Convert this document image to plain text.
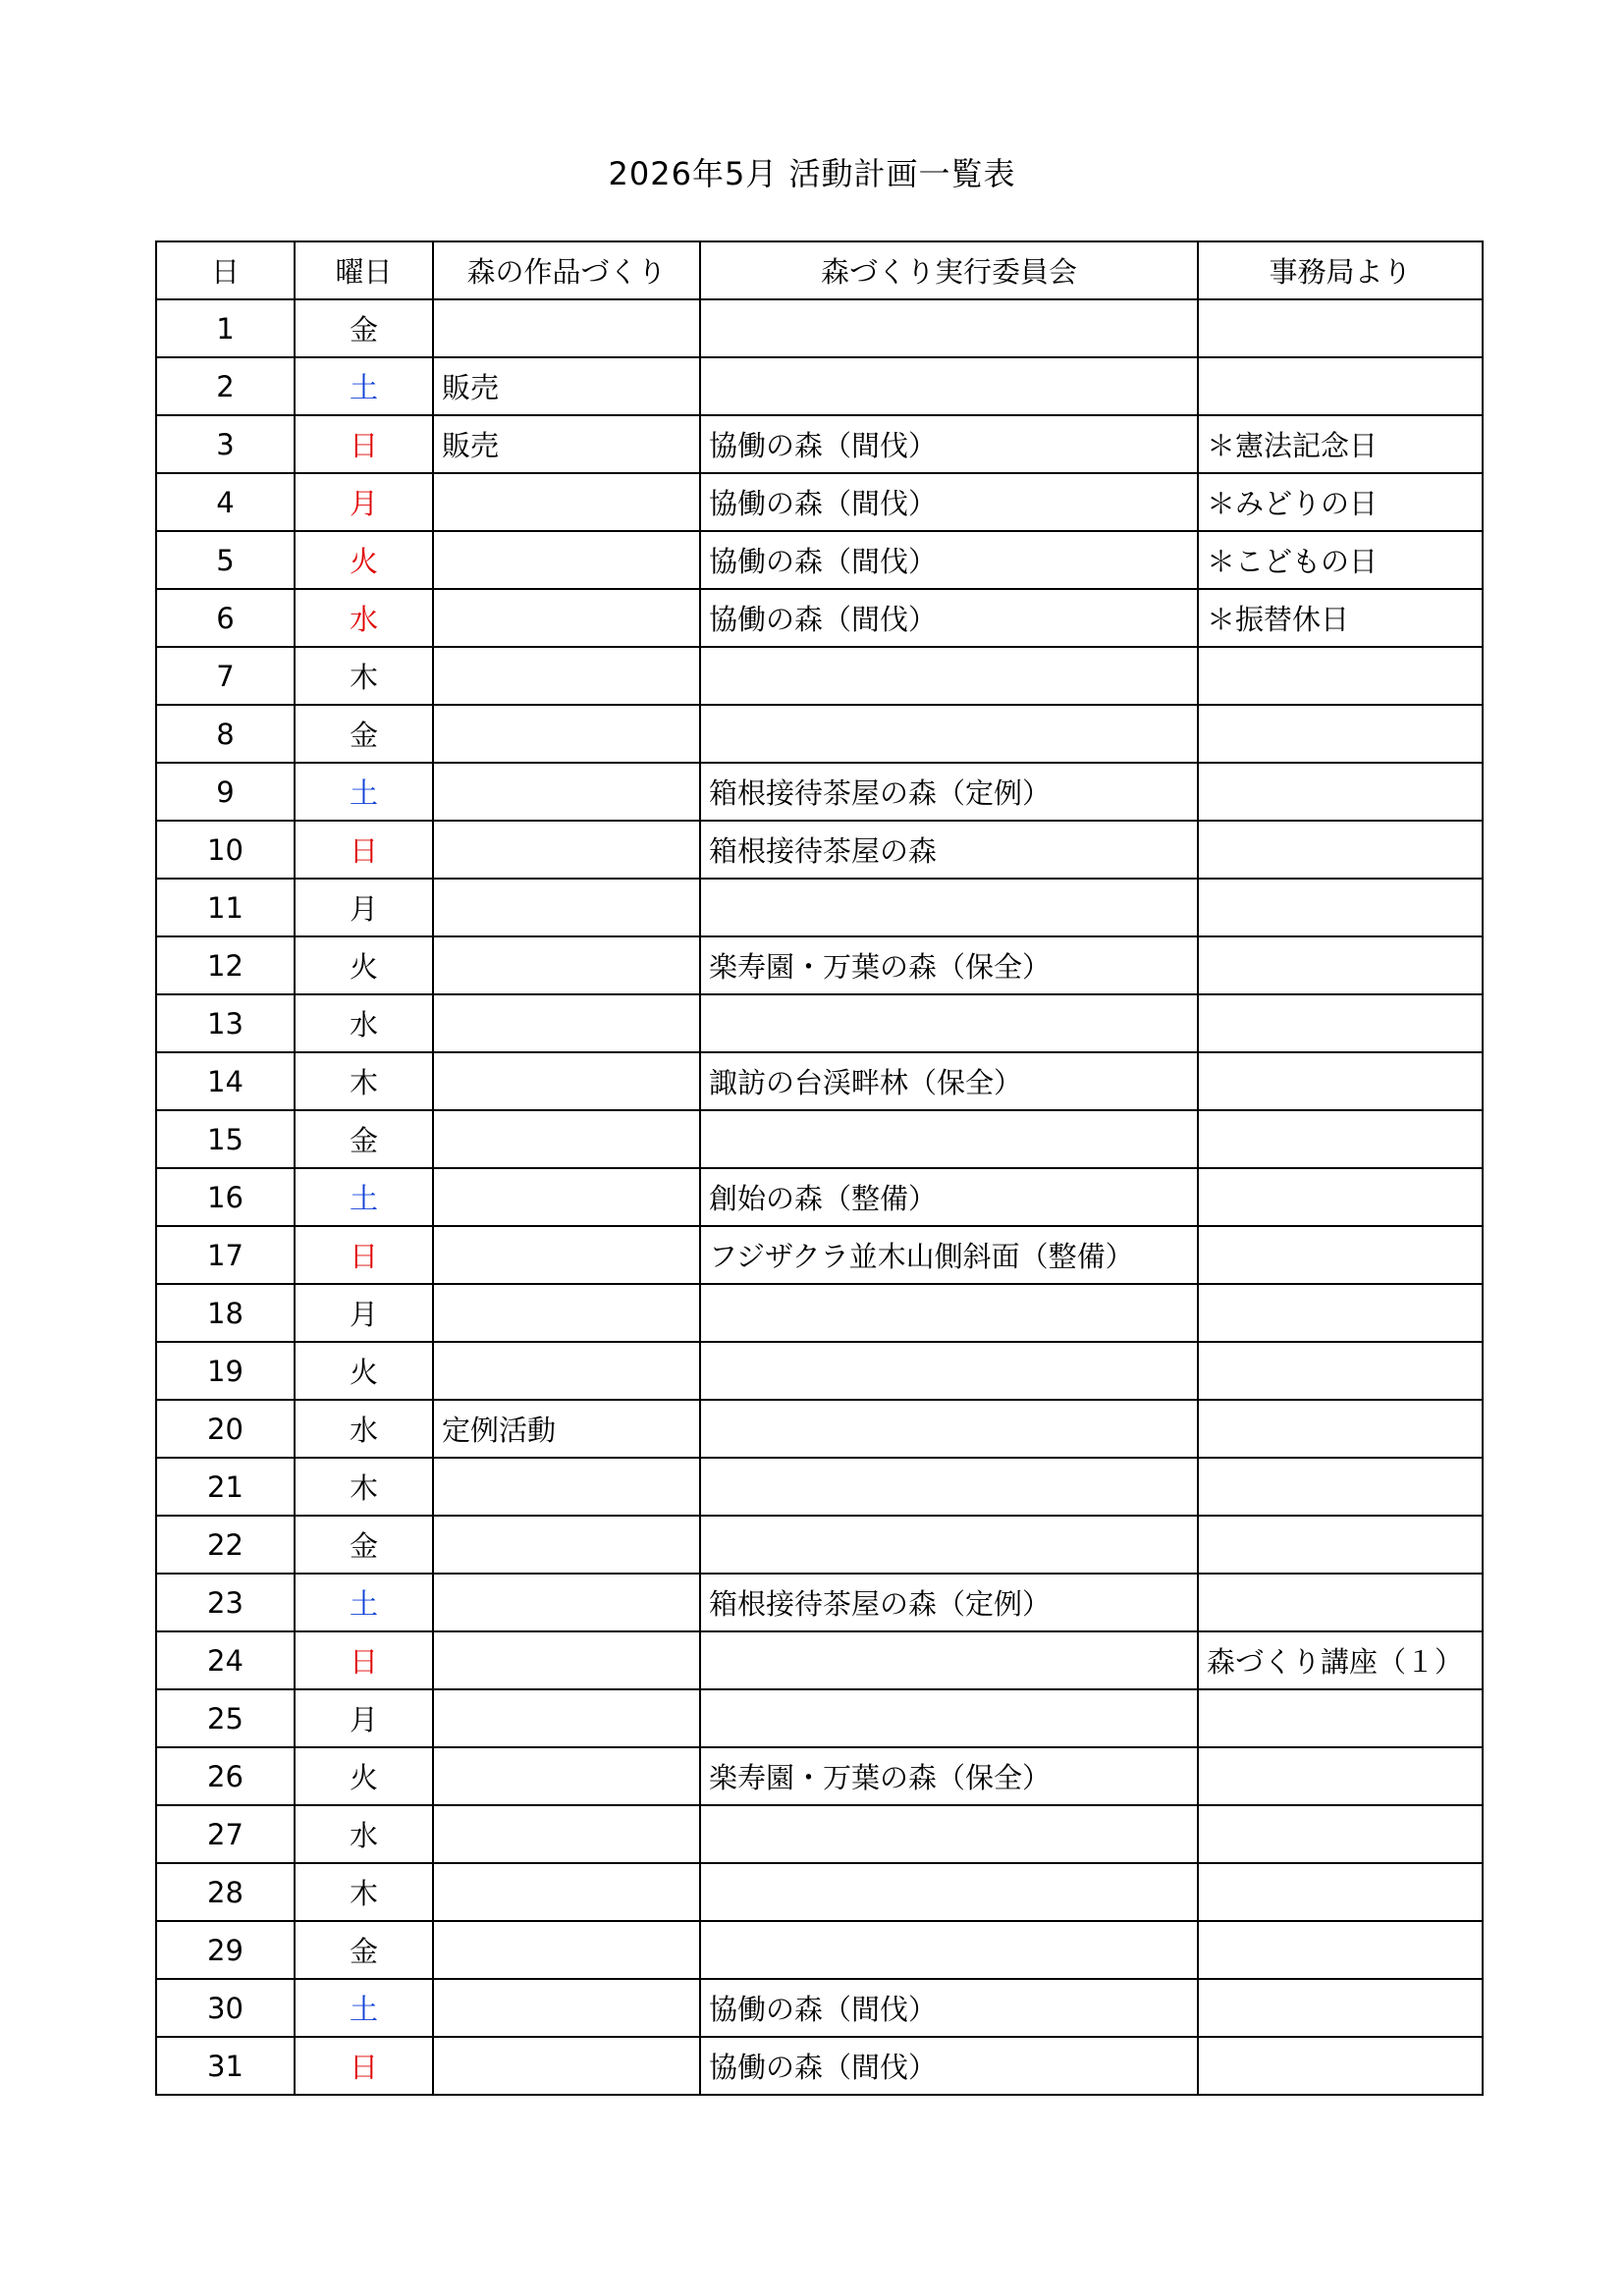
2026年5月 活動計画一覧表
日	曜日	森の作品づくり	森づくり実行委員会	事務局より
1	金			
2	土	販売		
3	日	販売	協働の森（間伐）	＊憲法記念日
4	月		協働の森（間伐）	＊みどりの日
5	火		協働の森（間伐）	＊こどもの日
6	水		協働の森（間伐）	＊振替休日
7	木			
8	金			
9	土		箱根接待茶屋の森（定例）	
10	日		箱根接待茶屋の森	
11	月			
12	火		楽寿園・万葉の森（保全）	
13	水			
14	木		諏訪の台渓畔林（保全）	
15	金			
16	土		創始の森（整備）	
17	日		フジザクラ並木山側斜面（整備）	
18	月			
19	火			
20	水	定例活動		
21	木			
22	金			
23	土		箱根接待茶屋の森（定例）	
24	日			森づくり講座（１）
25	月			
26	火		楽寿園・万葉の森（保全）	
27	水			
28	木			
29	金			
30	土		協働の森（間伐）	
31	日		協働の森（間伐）	
